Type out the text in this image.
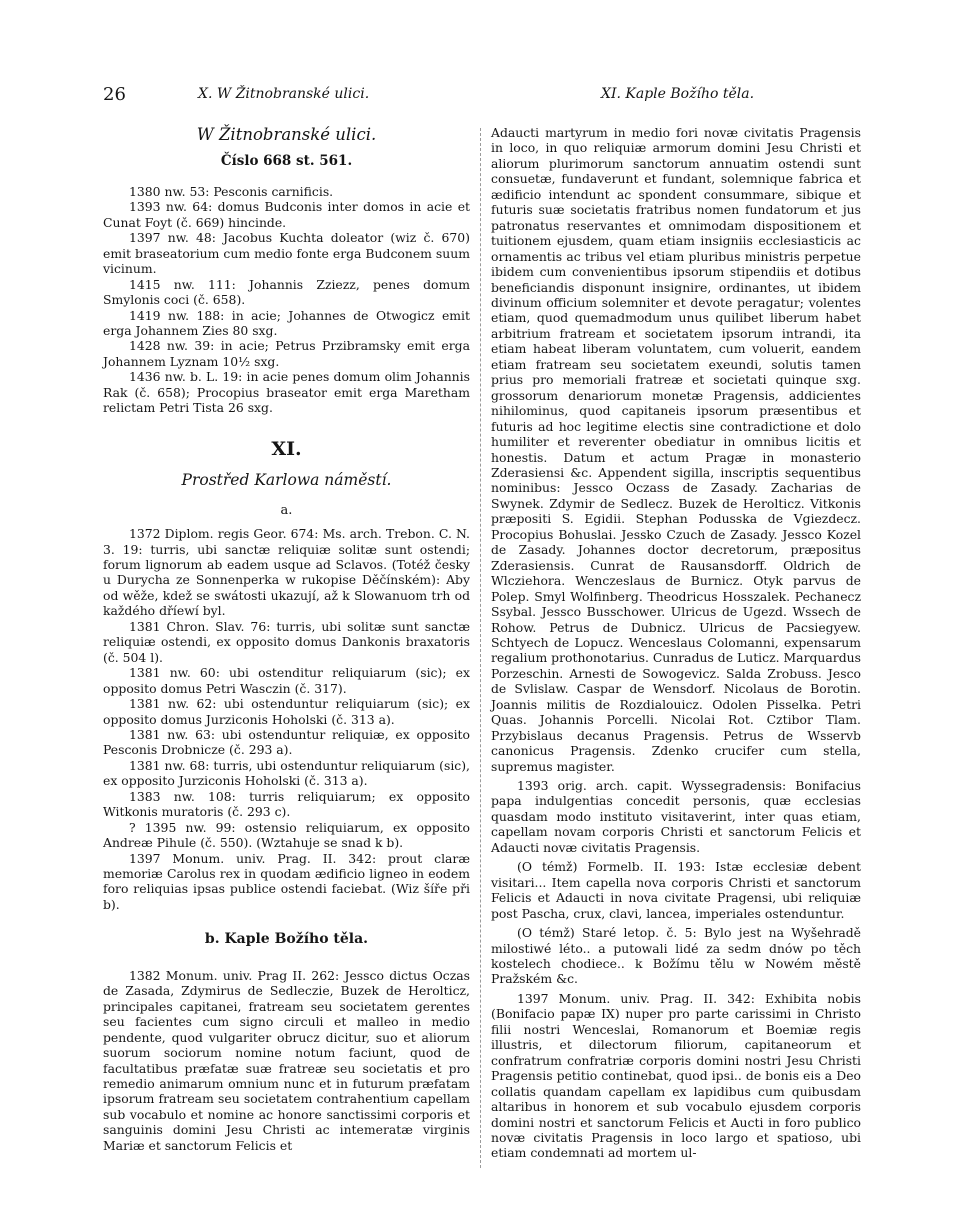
26	X. W Žitnobranské ulici.	XI. Kaple Božího těla.
W Žitnobranské ulici.
Číslo 668 st. 561.

1380 nw. 53: Pesconis carnificis.

1393 nw. 64: domus Budconis inter domos in acie et Cunat Foyt (č. 669) hincinde.

1397 nw. 48: Jacobus Kuchta doleator (wiz č. 670) emit braseatorium cum medio fonte erga Budconem suum vicinum.

1415 nw. 111: Johannis Zziezz, penes domum Smylonis coci (č. 658).

1419 nw. 188: in acie; Johannes de Otwogicz emit erga Johannem Zies 80 sxg.

1428 nw. 39: in acie; Petrus Przibramsky emit erga Johannem Lyznam 10½ sxg.

1436 nw. b. L. 19: in acie penes domum olim Johannis Rak (č. 658); Procopius braseator emit erga Maretham relictam Petri Tista 26 sxg.

XI.
Prostřed Karlowa náměstí.
a.

1372 Diplom. regis Geor. 674: Ms. arch. Trebon. C. N. 3. 19: turris, ubi sanctæ reliquiæ solitæ sunt ostendi; forum lignorum ab eadem usque ad Sclavos. (Totéž česky u Durycha ze Sonnenperka w rukopise Děčínském): Aby od wěže, kdež se swátosti ukazují, až k Slowanuom trh od každého dříewí byl.

1381 Chron. Slav. 76: turris, ubi solitæ sunt sanctæ reliquiæ ostendi, ex opposito domus Dankonis braxatoris (č. 504 l).

1381 nw. 60: ubi ostenditur reliquiarum (sic); ex opposito domus Petri Wasczin (č. 317).

1381 nw. 62: ubi ostenduntur reliquiarum (sic); ex opposito domus Jurziconis Hoholski (č. 313 a).

1381 nw. 63: ubi ostenduntur reliquiæ, ex opposito Pesconis Drobnicze (č. 293 a).

1381 nw. 68: turris, ubi ostenduntur reliquiarum (sic), ex opposito Jurziconis Hoholski (č. 313 a).

1383 nw. 108: turris reliquiarum; ex opposito Witkonis muratoris (č. 293 c).

? 1395 nw. 99: ostensio reliquiarum, ex opposito Andreæ Pihule (č. 550). (Wztahuje se snad k b).

1397 Monum. univ. Prag. II. 342: prout claræ memoriæ Carolus rex in quodam ædificio ligneo in eodem foro reliquias ipsas publice ostendi faciebat. (Wiz šíře při b).

b. Kaple Božího těla.

1382 Monum. univ. Prag II. 262: Jessco dictus Oczas de Zasada, Zdymirus de Sedleczie, Buzek de Herolticz, principales capitanei, fratream seu societatem gerentes seu facientes cum signo circuli et malleo in medio pendente, quod vulgariter obrucz dicitur, suo et aliorum suorum sociorum nomine notum faciunt, quod de facultatibus præfatæ suæ fratreæ seu societatis et pro remedio animarum omnium nunc et in futurum præfatam ipsorum fratream seu societatem contrahentium capellam sub vocabulo et nomine ac honore sanctissimi corporis et sanguinis domini Jesu Christi ac intemeratæ virginis Mariæ et sanctorum Felicis et

Adaucti martyrum in medio fori novæ civitatis Pragensis in loco, in quo reliquiæ armorum domini Jesu Christi et aliorum plurimorum sanctorum annuatim ostendi sunt consuetæ, fundaverunt et fundant, solemnique fabrica et ædificio intendunt ac spondent consummare, sibique et futuris suæ societatis fratribus nomen fundatorum et jus patronatus reservantes et omnimodam dispositionem et tuitionem ejusdem, quam etiam insigniis ecclesiasticis ac ornamentis ac tribus vel etiam pluribus ministris perpetue ibidem cum convenientibus ipsorum stipendiis et dotibus beneficiandis disponunt insignire, ordinantes, ut ibidem divinum officium solemniter et devote peragatur; volentes etiam, quod quemadmodum unus quilibet liberum habet arbitrium fratream et societatem ipsorum intrandi, ita etiam habeat liberam voluntatem, cum voluerit, eandem etiam fratream seu societatem exeundi, solutis tamen prius pro memoriali fratreæ et societati quinque sxg. grossorum denariorum monetæ Pragensis, addicientes nihilominus, quod capitaneis ipsorum præsentibus et futuris ad hoc legitime electis sine contradictione et dolo humiliter et reverenter obediatur in omnibus licitis et honestis. Datum et actum Pragæ in monasterio Zderasiensi &c. Appendent sigilla, inscriptis sequentibus nominibus: Jessco Oczass de Zasady. Zacharias de Swynek. Zdymir de Sedlecz. Buzek de Herolticz. Vitkonis præpositi S. Egidii. Stephan Podusska de Vgiezdecz. Procopius Bohuslai. Jessko Czuch de Zasady. Jessco Kozel de Zasady. Johannes doctor decretorum, præpositus Zderasiensis. Cunrat de Rausansdorff. Oldrich de Wlcziehora. Wenczeslaus de Burnicz. Otyk parvus de Polep. Smyl Wolfinberg. Theodricus Hosszalek. Pechanecz Ssybal. Jessco Busschower. Ulricus de Ugezd. Wssech de Rohow. Petrus de Dubnicz. Ulricus de Pacsiegyew. Schtyech de Lopucz. Wenceslaus Colomanni, expensarum regalium prothonotarius. Cunradus de Luticz. Marquardus Porzeschin. Arnesti de Sowogevicz. Salda Zrobuss. Jesco de Svlislaw. Caspar de Wensdorf. Nicolaus de Borotin. Joannis militis de Rozdialouicz. Odolen Pisselka. Petri Quas. Johannis Porcelli. Nicolai Rot. Cztibor Tlam. Przybislaus decanus Pragensis. Petrus de Wsservb canonicus Pragensis. Zdenko crucifer cum stella, supremus magister.

1393 orig. arch. capit. Wyssegradensis: Bonifacius papa indulgentias concedit personis, quæ ecclesias quasdam modo instituto visitaverint, inter quas etiam, capellam novam corporis Christi et sanctorum Felicis et Adaucti novæ civitatis Pragensis.

(O témž) Formelb. II. 193: Istæ ecclesiæ debent visitari... Item capella nova corporis Christi et sanctorum Felicis et Adaucti in nova civitate Pragensi, ubi reliquiæ post Pascha, crux, clavi, lancea, imperiales ostenduntur.

(O témž) Staré letop. č. 5: Bylo jest na Wyšehradě milostiwé léto.. a putowali lidé za sedm dnów po těch kostelech chodiece.. k Božímu tělu w Nowém městě Pražském &c.

1397 Monum. univ. Prag. II. 342: Exhibita nobis (Bonifacio papæ IX) nuper pro parte carissimi in Christo filii nostri Wenceslai, Romanorum et Boemiæ regis illustris, et dilectorum filiorum, capitaneorum et confratrum confratriæ corporis domini nostri Jesu Christi Pragensis petitio continebat, quod ipsi.. de bonis eis a Deo collatis quandam capellam ex lapidibus cum quibusdam altaribus in honorem et sub vocabulo ejusdem corporis domini nostri et sanctorum Felicis et Aucti in foro publico novæ civitatis Pragensis in loco largo et spatioso, ubi etiam condemnati ad mortem ul-
